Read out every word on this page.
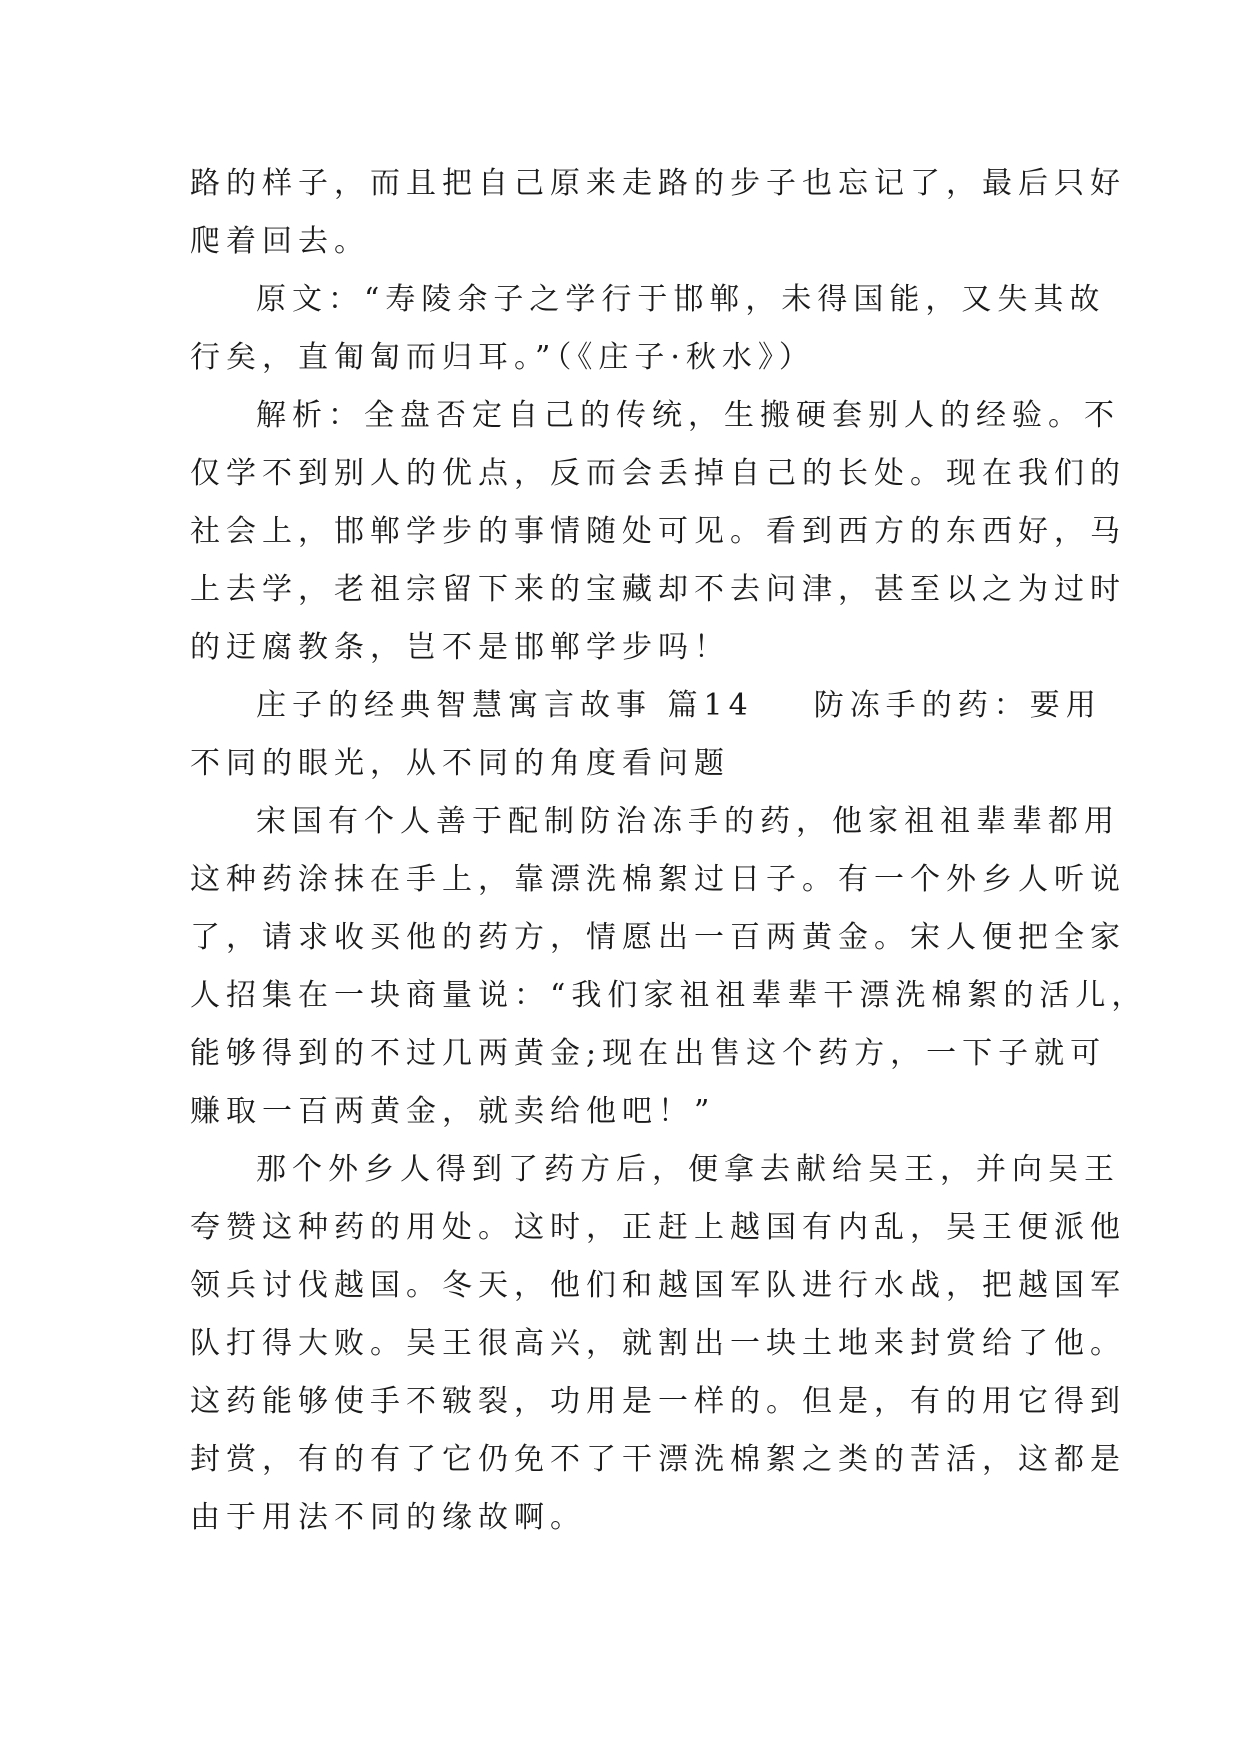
路的样子，而且把自己原来走路的步子也忘记了，最后只好
爬着回去。
原文：“寿陵余子之学行于邯郸，未得国能，又失其故
行矣，直匍匐而归耳。”（《庄子·秋水》）
解析：全盘否定自己的传统，生搬硬套别人的经验。不
仅学不到别人的优点，反而会丢掉自己的长处。现在我们的
社会上，邯郸学步的事情随处可见。看到西方的东西好，马
上去学，老祖宗留下来的宝藏却不去问津，甚至以之为过时
的迂腐教条，岂不是邯郸学步吗！
庄子的经典智慧寓言故事 篇14 防冻手的药：要用
不同的眼光，从不同的角度看问题
宋国有个人善于配制防治冻手的药，他家祖祖辈辈都用
这种药涂抹在手上，靠漂洗棉絮过日子。有一个外乡人听说
了，请求收买他的药方，情愿出一百两黄金。宋人便把全家
人招集在一块商量说：“我们家祖祖辈辈干漂洗棉絮的活儿，
能够得到的不过几两黄金;现在出售这个药方，一下子就可
赚取一百两黄金，就卖给他吧！”
那个外乡人得到了药方后，便拿去献给吴王，并向吴王
夸赞这种药的用处。这时，正赶上越国有内乱，吴王便派他
领兵讨伐越国。冬天，他们和越国军队进行水战，把越国军
队打得大败。吴王很高兴，就割出一块土地来封赏给了他。
这药能够使手不皲裂，功用是一样的。但是，有的用它得到
封赏，有的有了它仍免不了干漂洗棉絮之类的苦活，这都是
由于用法不同的缘故啊。
